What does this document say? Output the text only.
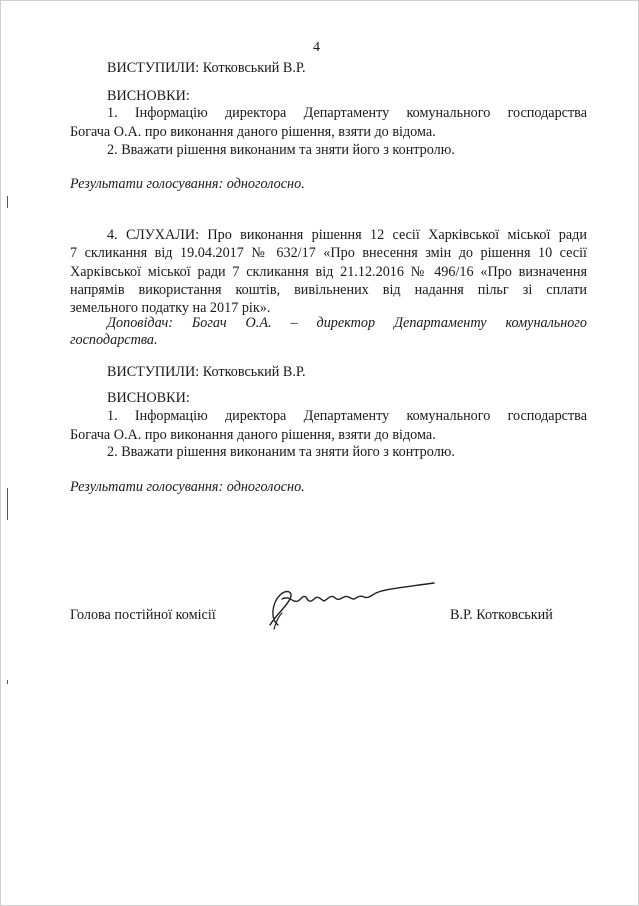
4
ВИСТУПИЛИ: Котковський В.Р.
ВИСНОВКИ:
1. Інформацію директора Департаменту комунального господарства
Богача О.А. про виконання даного рішення, взяти до відома.
2. Вважати рішення виконаним та зняти його з контролю.
Результати голосування: одноголосно.
4. СЛУХАЛИ: Про виконання рішення 12 сесії Харківської міської ради
7 скликання від 19.04.2017 № 632/17 «Про внесення змін до рішення 10 сесії
Харківської міської ради 7 скликання від 21.12.2016 № 496/16 «Про визначення
напрямів використання коштів, вивільнених від надання пільг зі сплати
земельного податку на 2017 рік».
Доповідач: Богач О.А. – директор Департаменту комунального
господарства.
ВИСТУПИЛИ: Котковський В.Р.
ВИСНОВКИ:
1. Інформацію директора Департаменту комунального господарства
Богача О.А. про виконання даного рішення, взяти до відома.
2. Вважати рішення виконаним та зняти його з контролю.
Результати голосування: одноголосно.
Голова постійної комісії	В.Р. Котковський
